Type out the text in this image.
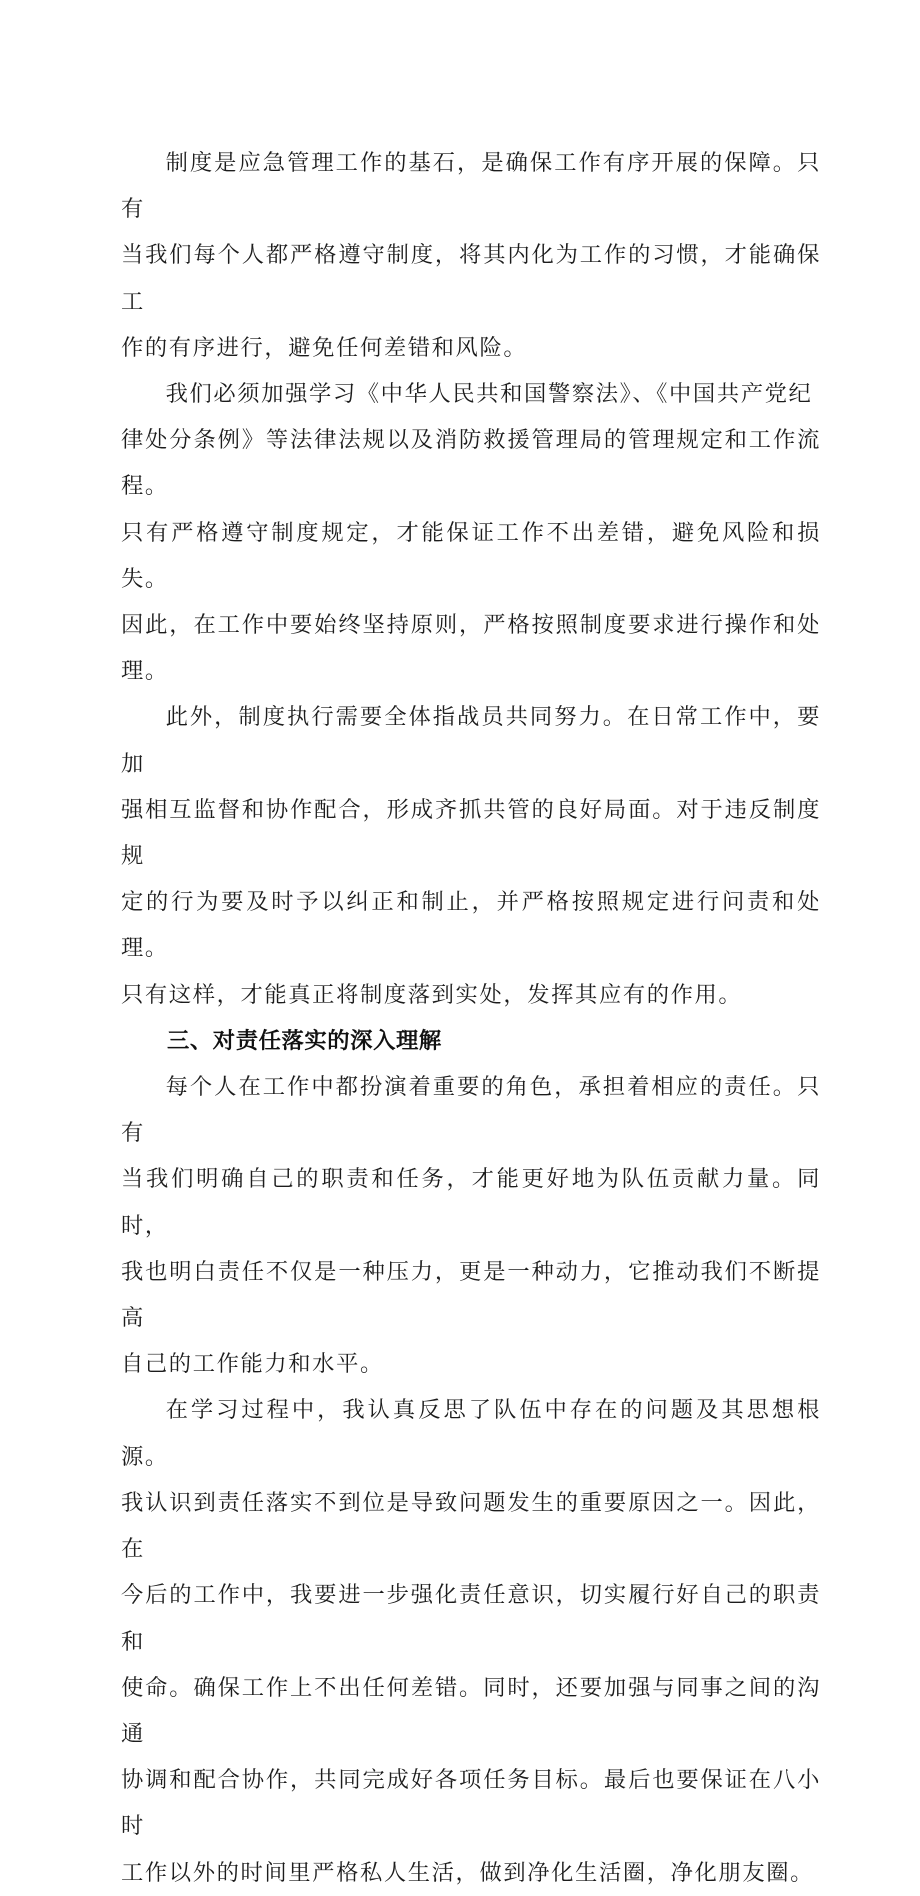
制度是应急管理工作的基石，是确保工作有序开展的保障。只有
当我们每个人都严格遵守制度，将其内化为工作的习惯，才能确保工
作的有序进行，避免任何差错和风险。

我们必须加强学习《中华人民共和国警察法》、《中国共产党纪
律处分条例》等法律法规以及消防救援管理局的管理规定和工作流程。
只有严格遵守制度规定，才能保证工作不出差错，避免风险和损失。
因此，在工作中要始终坚持原则，严格按照制度要求进行操作和处理。

此外，制度执行需要全体指战员共同努力。在日常工作中，要加
强相互监督和协作配合，形成齐抓共管的良好局面。对于违反制度规
定的行为要及时予以纠正和制止，并严格按照规定进行问责和处理。
只有这样，才能真正将制度落到实处，发挥其应有的作用。

三、对责任落实的深入理解

每个人在工作中都扮演着重要的角色，承担着相应的责任。只有
当我们明确自己的职责和任务，才能更好地为队伍贡献力量。同时，
我也明白责任不仅是一种压力，更是一种动力，它推动我们不断提高
自己的工作能力和水平。

在学习过程中，我认真反思了队伍中存在的问题及其思想根源。
我认识到责任落实不到位是导致问题发生的重要原因之一。因此，在
今后的工作中，我要进一步强化责任意识，切实履行好自己的职责和
使命。确保工作上不出任何差错。同时，还要加强与同事之间的沟通
协调和配合协作，共同完成好各项任务目标。最后也要保证在八小时
工作以外的时间里严格私人生活，做到净化生活圈，净化朋友圈。
